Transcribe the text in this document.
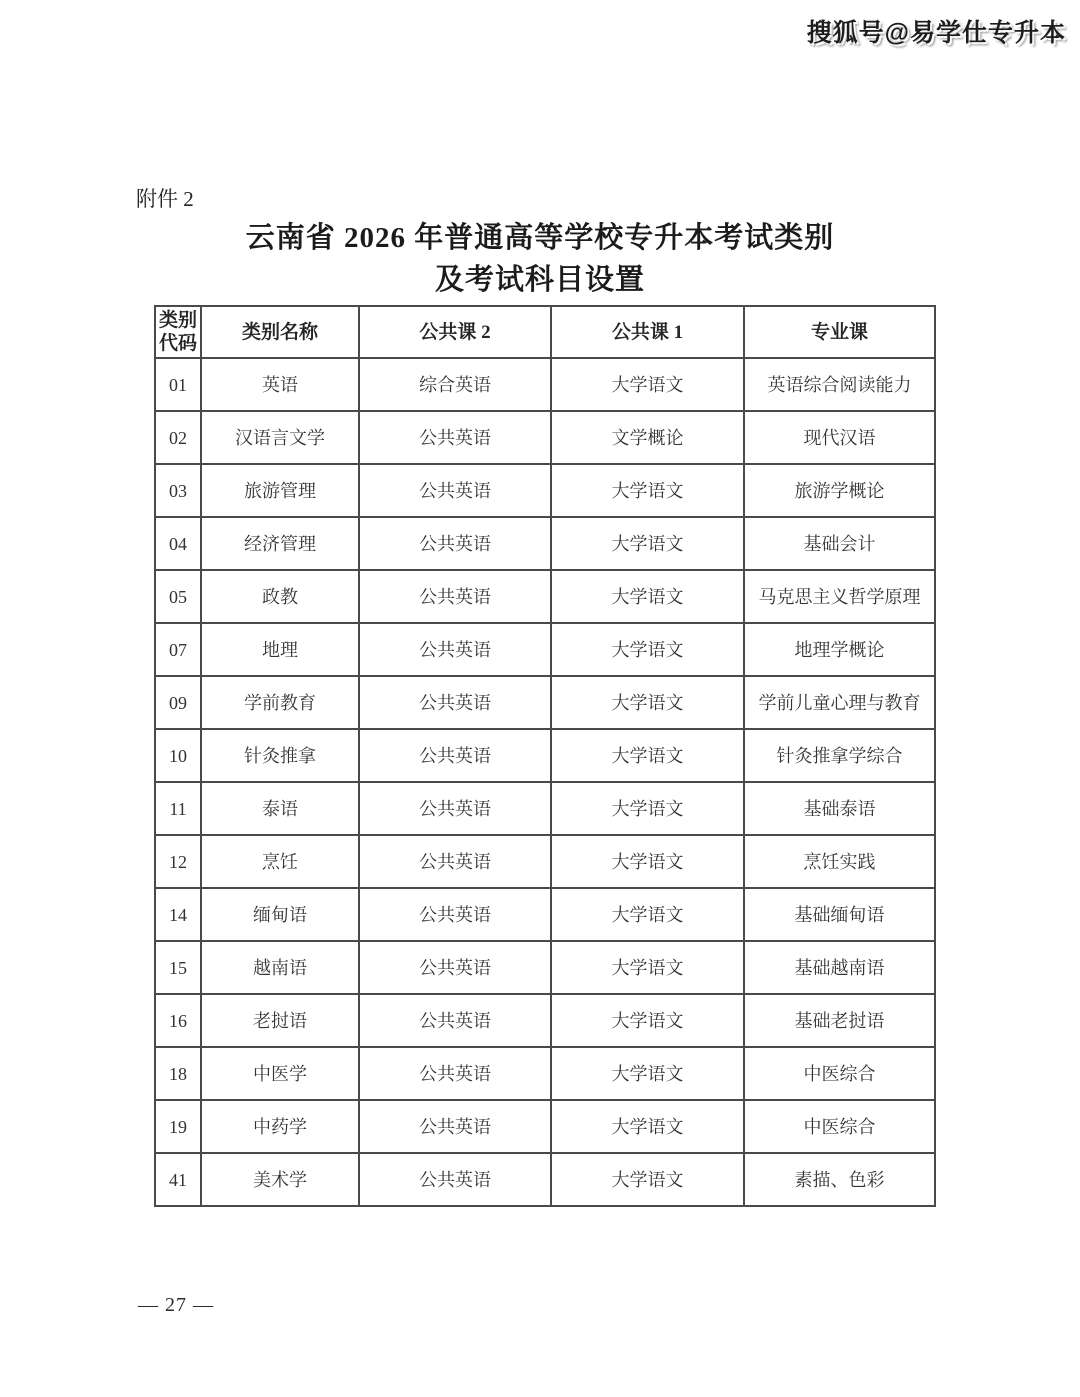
搜狐号@易学仕专升本
附件 2
云南省 2026 年普通高等学校专升本考试类别
及考试科目设置
类别代码	类别名称	公共课 2	公共课 1	专业课
01	英语	综合英语	大学语文	英语综合阅读能力
02	汉语言文学	公共英语	文学概论	现代汉语
03	旅游管理	公共英语	大学语文	旅游学概论
04	经济管理	公共英语	大学语文	基础会计
05	政教	公共英语	大学语文	马克思主义哲学原理
07	地理	公共英语	大学语文	地理学概论
09	学前教育	公共英语	大学语文	学前儿童心理与教育
10	针灸推拿	公共英语	大学语文	针灸推拿学综合
11	泰语	公共英语	大学语文	基础泰语
12	烹饪	公共英语	大学语文	烹饪实践
14	缅甸语	公共英语	大学语文	基础缅甸语
15	越南语	公共英语	大学语文	基础越南语
16	老挝语	公共英语	大学语文	基础老挝语
18	中医学	公共英语	大学语文	中医综合
19	中药学	公共英语	大学语文	中医综合
41	美术学	公共英语	大学语文	素描、色彩
— 27 —
